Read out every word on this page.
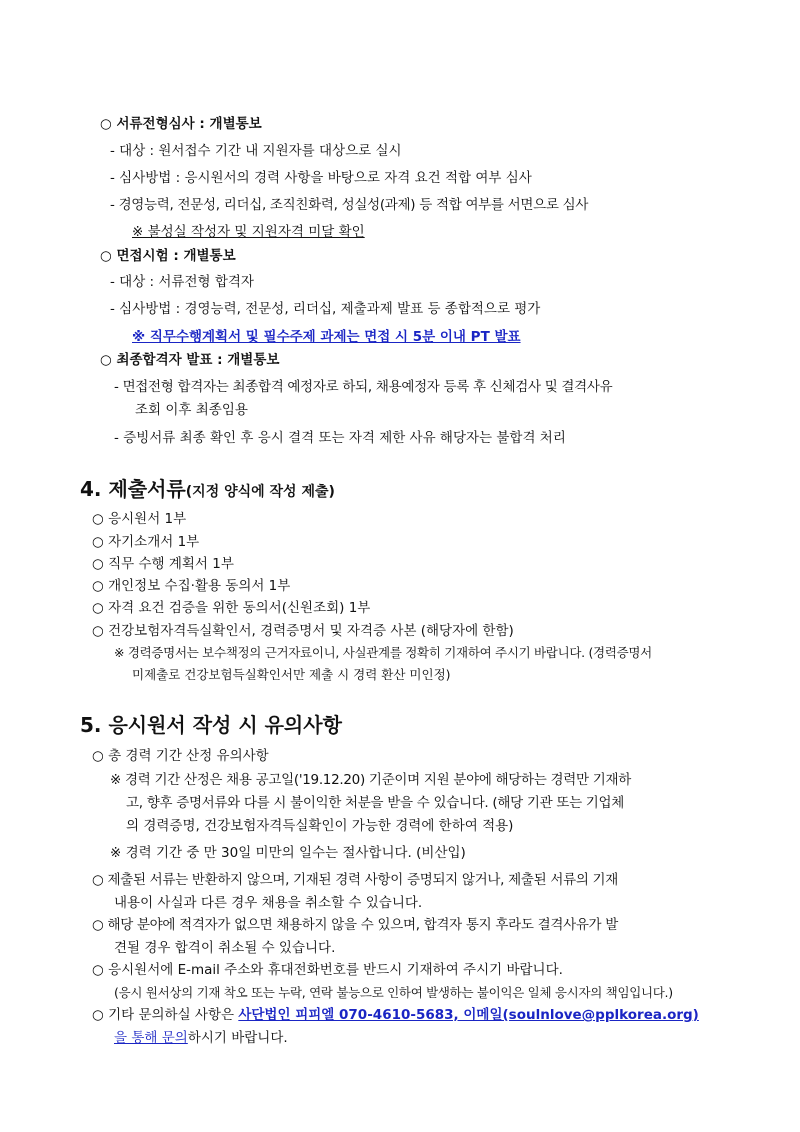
○ 서류전형심사 : 개별통보
- 대상 : 원서접수 기간 내 지원자를 대상으로 실시
- 심사방법 : 응시원서의 경력 사항을 바탕으로 자격 요건 적합 여부 심사
- 경영능력, 전문성, 리더십, 조직친화력, 성실성(과제) 등 적합 여부를 서면으로 심사
※ 불성실 작성자 및 지원자격 미달 확인
○ 면접시험 : 개별통보
- 대상 : 서류전형 합격자
- 심사방법 : 경영능력, 전문성, 리더십, 제출과제 발표 등 종합적으로 평가
※ 직무수행계획서 및 필수주제 과제는 면접 시 5분 이내 PT 발표
○ 최종합격자 발표 : 개별통보
- 면접전형 합격자는 최종합격 예정자로 하되, 채용예정자 등록 후 신체검사 및 결격사유
조회 이후 최종임용
- 증빙서류 최종 확인 후 응시 결격 또는 자격 제한 사유 해당자는 불합격 처리
4. 제출서류(지정 양식에 작성 제출)
○ 응시원서 1부
○ 자기소개서 1부
○ 직무 수행 계획서 1부
○ 개인정보 수집·활용 동의서 1부
○ 자격 요건 검증을 위한 동의서(신원조회) 1부
○ 건강보험자격득실확인서, 경력증명서 및 자격증 사본 (해당자에 한함)
※ 경력증명서는 보수책정의 근거자료이니, 사실관계를 정확히 기재하여 주시기 바랍니다. (경력증명서
미제출로 건강보험득실확인서만 제출 시 경력 환산 미인정)
5. 응시원서 작성 시 유의사항
○ 총 경력 기간 산정 유의사항
※ 경력 기간 산정은 채용 공고일('19.12.20) 기준이며 지원 분야에 해당하는 경력만 기재하
고, 향후 증명서류와 다를 시 불이익한 처분을 받을 수 있습니다. (해당 기관 또는 기업체
의 경력증명, 건강보험자격득실확인이 가능한 경력에 한하여 적용)
※ 경력 기간 중 만 30일 미만의 일수는 절사합니다. (비산입)
○ 제출된 서류는 반환하지 않으며, 기재된 경력 사항이 증명되지 않거나, 제출된 서류의 기재
내용이 사실과 다른 경우 채용을 취소할 수 있습니다.
○ 해당 분야에 적격자가 없으면 채용하지 않을 수 있으며, 합격자 통지 후라도 결격사유가 발
견될 경우 합격이 취소될 수 있습니다.
○ 응시원서에 E-mail 주소와 휴대전화번호를 반드시 기재하여 주시기 바랍니다.
(응시 원서상의 기재 착오 또는 누락, 연락 불능으로 인하여 발생하는 불이익은 일체 응시자의 책임입니다.)
○ 기타 문의하실 사항은 사단법인 피피엘 070-4610-5683, 이메일(soulnlove@pplkorea.org)
을 통해 문의하시기 바랍니다.
